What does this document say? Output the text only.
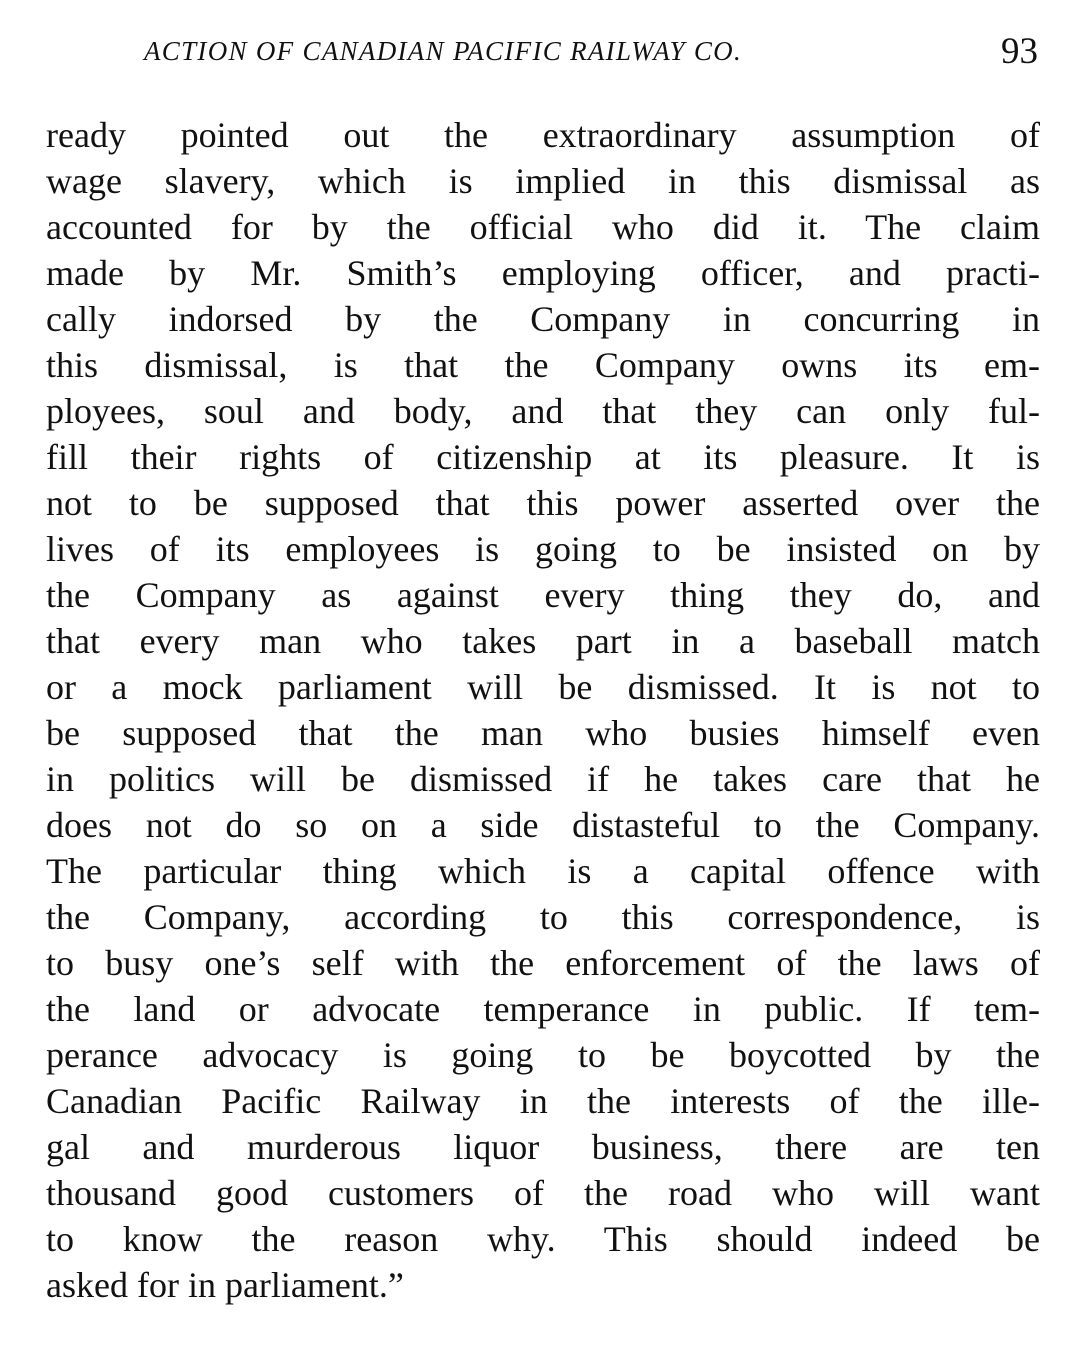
ACTION OF CANADIAN PACIFIC RAILWAY CO.	93
ready pointed out the extraordinary assumption of
wage slavery, which is implied in this dismissal as
accounted for by the official who did it. The claim
made by Mr. Smith’s employing officer, and practi-
cally indorsed by the Company in concurring in
this dismissal, is that the Company owns its em-
ployees, soul and body, and that they can only ful-
fill their rights of citizenship at its pleasure. It is
not to be supposed that this power asserted over the
lives of its employees is going to be insisted on by
the Company as against every thing they do, and
that every man who takes part in a baseball match
or a mock parliament will be dismissed. It is not to
be supposed that the man who busies himself even
in politics will be dismissed if he takes care that he
does not do so on a side distasteful to the Company.
The particular thing which is a capital offence with
the Company, according to this correspondence, is
to busy one’s self with the enforcement of the laws of
the land or advocate temperance in public. If tem-
perance advocacy is going to be boycotted by the
Canadian Pacific Railway in the interests of the ille-
gal and murderous liquor business, there are ten
thousand good customers of the road who will want
to know the reason why. This should indeed be
asked for in parliament.”
